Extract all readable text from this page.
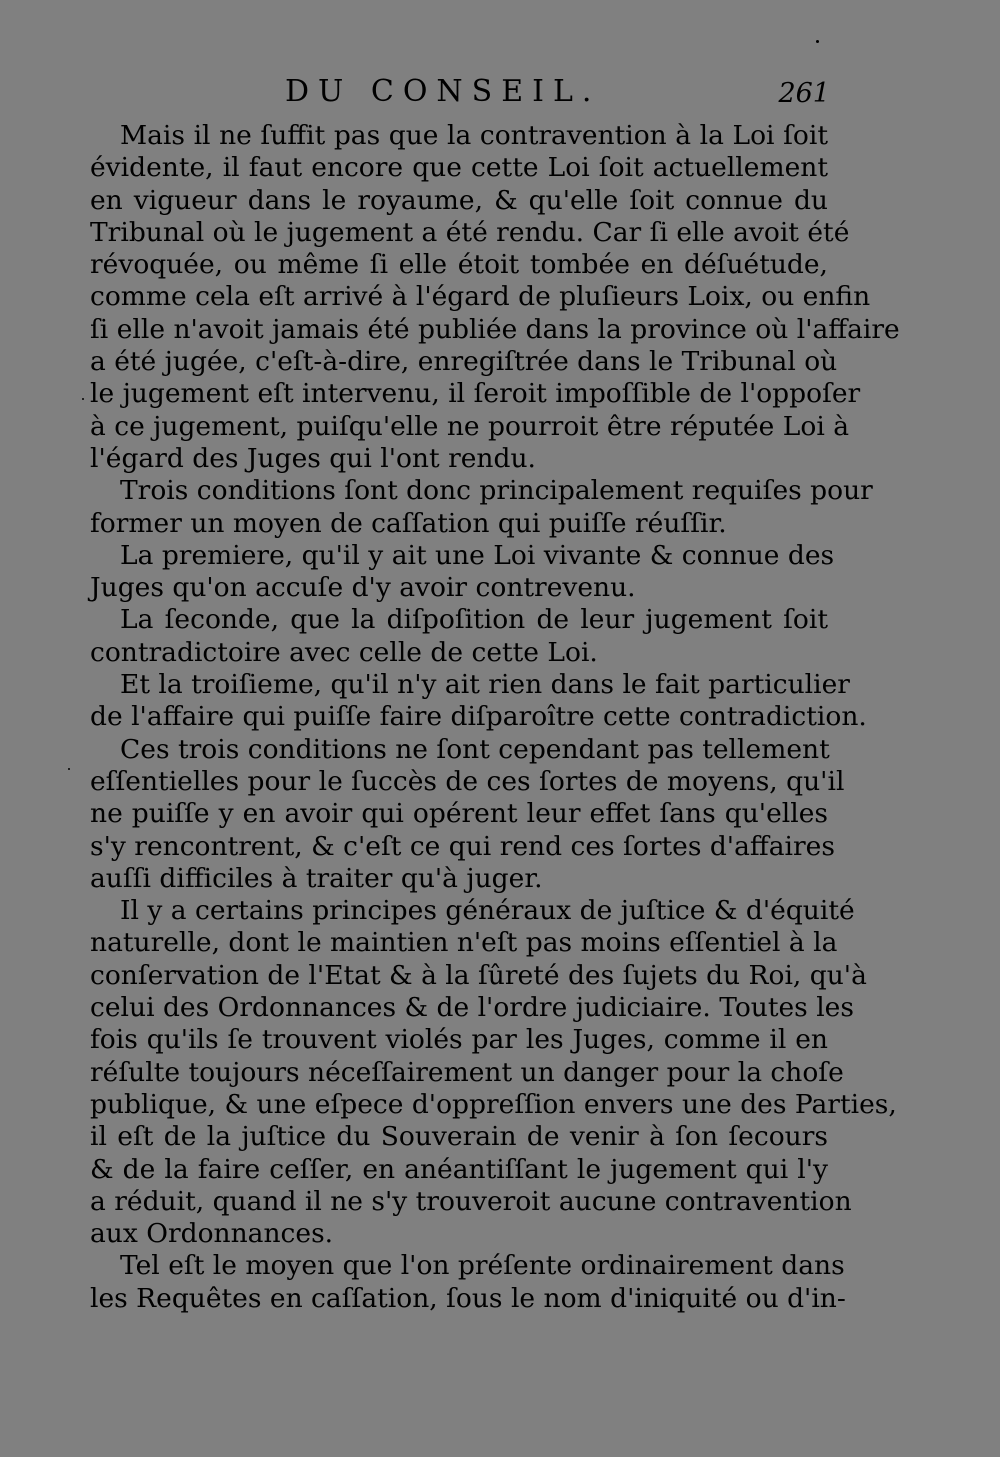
DU CONSEIL.	261
Mais il ne ſuffit pas que la contravention à la Loi ſoit
évidente, il faut encore que cette Loi ſoit actuellement
en vigueur dans le royaume, & qu'elle ſoit connue du
Tribunal où le jugement a été rendu. Car ſi elle avoit été
révoquée, ou même ſi elle étoit tombée en déſuétude,
comme cela eſt arrivé à l'égard de pluſieurs Loix, ou enfin
ſi elle n'avoit jamais été publiée dans la province où l'affaire
a été jugée, c'eſt-à-dire, enregiſtrée dans le Tribunal où
le jugement eſt intervenu, il ſeroit impoſſible de l'oppoſer
à ce jugement, puiſqu'elle ne pourroit être réputée Loi à
l'égard des Juges qui l'ont rendu.
Trois conditions ſont donc principalement requiſes pour
former un moyen de caſſation qui puiſſe réuſſir.
La premiere, qu'il y ait une Loi vivante & connue des
Juges qu'on accuſe d'y avoir contrevenu.
La ſeconde, que la diſpoſition de leur jugement ſoit
contradictoire avec celle de cette Loi.
Et la troiſieme, qu'il n'y ait rien dans le fait particulier
de l'affaire qui puiſſe faire diſparoître cette contradiction.
Ces trois conditions ne ſont cependant pas tellement
eſſentielles pour le ſuccès de ces ſortes de moyens, qu'il
ne puiſſe y en avoir qui opérent leur effet ſans qu'elles
s'y rencontrent, & c'eſt ce qui rend ces ſortes d'affaires
auſſi difficiles à traiter qu'à juger.
Il y a certains principes généraux de juſtice & d'équité
naturelle, dont le maintien n'eſt pas moins eſſentiel à la
conſervation de l'Etat & à la ſûreté des ſujets du Roi, qu'à
celui des Ordonnances & de l'ordre judiciaire. Toutes les
fois qu'ils ſe trouvent violés par les Juges, comme il en
réſulte toujours néceſſairement un danger pour la choſe
publique, & une eſpece d'oppreſſion envers une des Parties,
il eſt de la juſtice du Souverain de venir à ſon ſecours
& de la faire ceſſer, en anéantiſſant le jugement qui l'y
a réduit, quand il ne s'y trouveroit aucune contravention
aux Ordonnances.
Tel eſt le moyen que l'on préſente ordinairement dans
les Requêtes en caſſation, ſous le nom d'iniquité ou d'in-
